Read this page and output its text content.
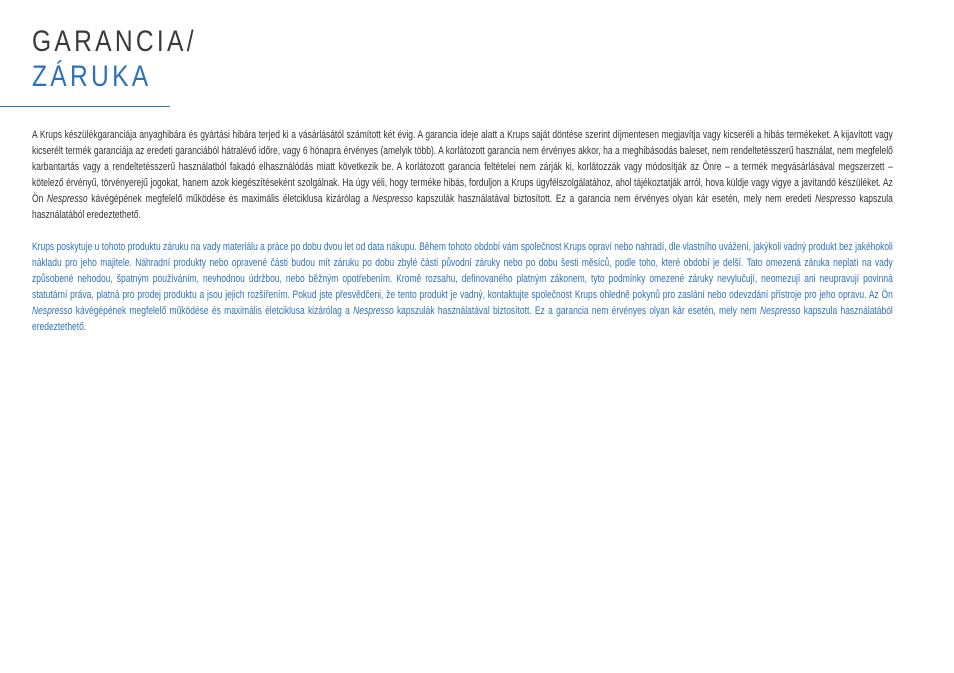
GARANCIA/
ZÁRUKA

A Krups készülékgaranciája anyaghibára és gyártási hibára terjed ki a vásárlásától számított két évig. A garancia ideje alatt a Krups saját döntése szerint díjmentesen megjavítja vagy kicseréli a hibás termékeket. A kijavított vagy kicserélt termék garanciája az eredeti garanciából hátralévő időre, vagy 6 hónapra érvényes (amelyik több). A korlátozott garancia nem érvényes akkor, ha a meghibásodás baleset, nem rendeltetésszerű használat, nem megfelelő karbantartás vagy a rendeltetésszerű használatból fakadó elhasználódás miatt következik be. A korlátozott garancia feltételei nem zárják ki, korlátozzák vagy módosítják az Önre – a termék megvásárlásával megszerzett – kötelező érvényű, törvényerejű jogokat, hanem azok kiegészítéseként szolgálnak. Ha úgy véli, hogy terméke hibás, forduljon a Krups ügyfélszolgálatához, ahol tájékoztatják arról, hova küldje vagy vigye a javítandó készüléket. Az Ön Nespresso kávégépének megfelelő működése és maximális életciklusa kizárólag a Nespresso kapszulák használatával biztosított. Ez a garancia nem érvényes olyan kár esetén, mely nem eredeti Nespresso kapszula használatából eredeztethető.

Krups poskytuje u tohoto produktu záruku na vady materiálu a práce po dobu dvou let od data nákupu. Během tohoto období vám společnost Krups opraví nebo nahradí, dle vlastního uvážení, jakýkoli vadný produkt bez jakéhokoli nákladu pro jeho majitele. Náhradní produkty nebo opravené části budou mít záruku po dobu zbylé části původní záruky nebo po dobu šesti měsíců, podle toho, které období je delší. Tato omezená záruka neplatí na vady způsobené nehodou, špatným používáním, nevhodnou údržbou, nebo běžným opotřebením. Kromě rozsahu, definovaného platným zákonem, tyto podmínky omezené záruky nevylučují, neomezují ani neupravují povinná statutární práva, platná pro prodej produktu a jsou jejich rozšířením. Pokud jste přesvědčeni, že tento produkt je vadný, kontaktujte společnost Krups ohledně pokynů pro zaslání nebo odevzdání přístroje pro jeho opravu. Az Ön Nespresso kávégépének megfelelő működése és maximális életciklusa kizárólag a Nespresso kapszulák használatával biztosított. Ez a garancia nem érvényes olyan kár esetén, mely nem Nespresso kapszula használatából eredeztethető.
